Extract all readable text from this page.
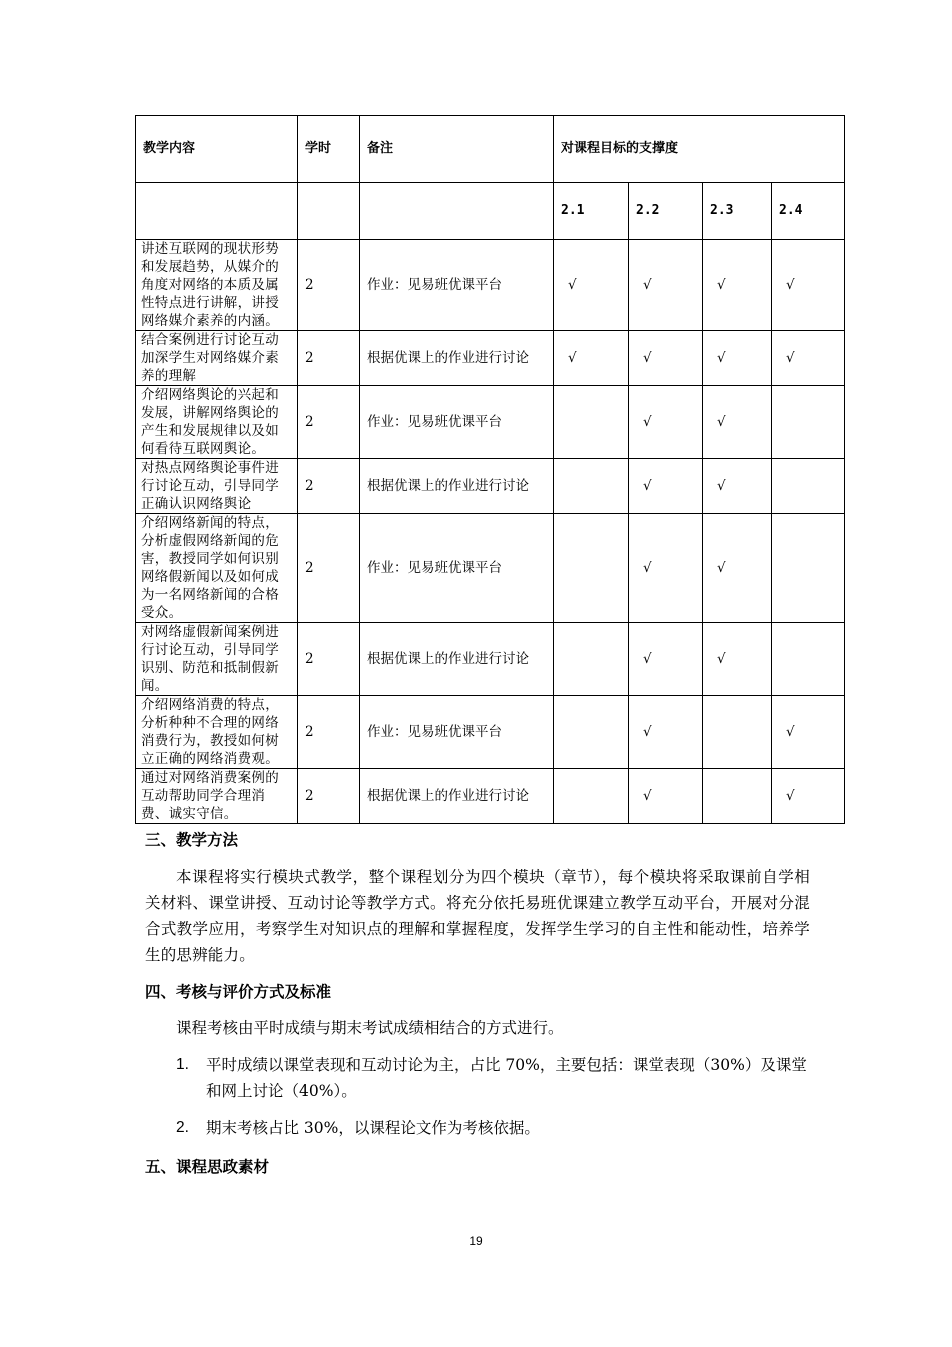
教学内容	学时	备注	对课程目标的支撑度			
			2.1	2.2	2.3	2.4
讲述互联网的现状形势和发展趋势，从媒介的角度对网络的本质及属性特点进行讲解，讲授网络媒介素养的内涵。	2	作业：见易班优课平台	√	√	√	√
结合案例进行讨论互动加深学生对网络媒介素养的理解	2	根据优课上的作业进行讨论	√	√	√	√
介绍网络舆论的兴起和发展，讲解网络舆论的产生和发展规律以及如何看待互联网舆论。	2	作业：见易班优课平台		√	√	
对热点网络舆论事件进行讨论互动，引导同学正确认识网络舆论	2	根据优课上的作业进行讨论		√	√	
介绍网络新闻的特点，分析虚假网络新闻的危害，教授同学如何识别网络假新闻以及如何成为一名网络新闻的合格受众。	2	作业：见易班优课平台		√	√	
对网络虚假新闻案例进行讨论互动，引导同学识别、防范和抵制假新闻。	2	根据优课上的作业进行讨论		√	√	
介绍网络消费的特点，分析种种不合理的网络消费行为，教授如何树立正确的网络消费观。	2	作业：见易班优课平台		√		√
通过对网络消费案例的互动帮助同学合理消费、诚实守信。	2	根据优课上的作业进行讨论		√		√
三、教学方法
本课程将实行模块式教学，整个课程划分为四个模块（章节），每个模块将采取课前自学相关材料、课堂讲授、互动讨论等教学方式。将充分依托易班优课建立教学互动平台，开展对分混合式教学应用，考察学生对知识点的理解和掌握程度，发挥学生学习的自主性和能动性，培养学生的思辨能力。
四、考核与评价方式及标准
课程考核由平时成绩与期末考试成绩相结合的方式进行。
1. 平时成绩以课堂表现和互动讨论为主，占比 70%，主要包括：课堂表现（30%）及课堂和网上讨论（40%）。
2. 期末考核占比 30%，以课程论文作为考核依据。
五、课程思政素材
19
